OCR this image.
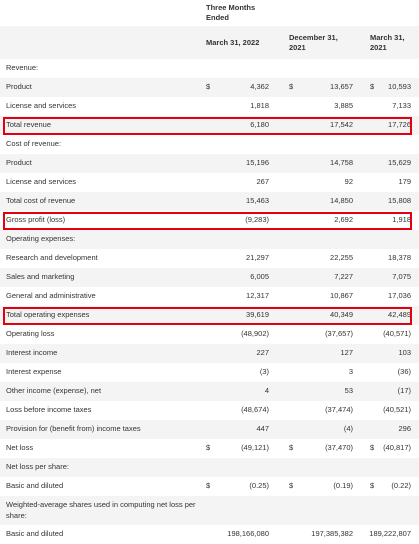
Three Months Ended
March 31, 2022
December 31, 2021
March 31, 2021
Revenue:
Product	$	4,362	$	13,657 $ 10,593
License and services	1,818	3,885	7,133
Total revenue	6,180	17,542	17,726
Cost of revenue:
Product	15,196	14,758	15,629
License and services	267	92	179
Total cost of revenue	15,463	14,850	15,808
Gross profit (loss)	(9,283)	2,692	1,918
Operating expenses:
Research and development	21,297	22,255	18,378
Sales and marketing	6,005	7,227	7,075
General and administrative	12,317	10,867	17,036
Total operating expenses	39,619	40,349	42,489
Operating loss	(48,902)	(37,657)	(40,571)
Interest income	227	127	103
Interest expense	(3)	3	(36)
Other income (expense), net	4	53	(17)
Loss before income taxes	(48,674)	(37,474)	(40,521)
Provision for (benefit from) income taxes	447	(4)	296
Net loss	$	(49,121)	$	(37,470) $ (40,817)
Net loss per share:
Basic and diluted	$	(0.25)	$	(0.19) $ (0.22)
Weighted-average shares used in computing net loss per share:
Basic and diluted	198,166,080	197,385,382 189,222,807
